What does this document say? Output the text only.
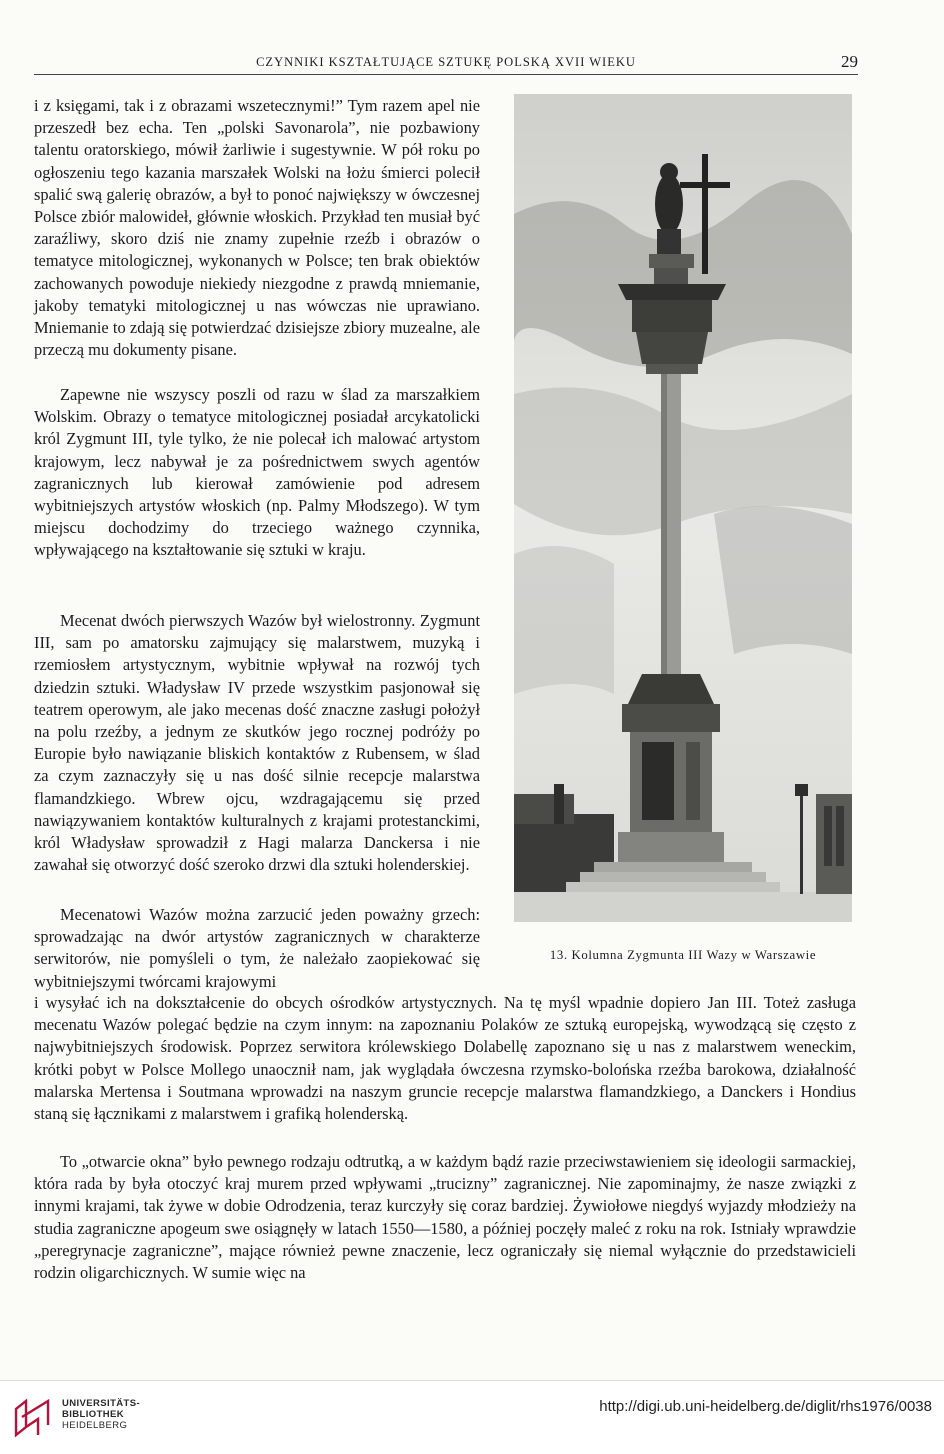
CZYNNIKI KSZTAŁTUJĄCE SZTUKĘ POLSKĄ XVII WIEKU	29

i z księgami, tak i z obrazami wszetecznymi!” Tym razem apel nie przeszedł bez echa. Ten „polski Savonarola”, nie pozbawiony talentu oratorskiego, mówił żarliwie i sugestywnie. W pół roku po ogłoszeniu tego kazania marszałek Wolski na łożu śmierci polecił spalić swą galerię obrazów, a był to ponoć największy w ówczesnej Polsce zbiór malowideł, głównie włoskich. Przykład ten musiał być zaraźliwy, skoro dziś nie znamy zupełnie rzeźb i obrazów o tematyce mitologicznej, wykonanych w Polsce; ten brak obiektów zachowanych powoduje niekiedy niezgodne z prawdą mniemanie, jakoby tematyki mitologicznej u nas wówczas nie uprawiano. Mniemanie to zdają się potwierdzać dzisiejsze zbiory muzealne, ale przeczą mu dokumenty pisane.

Zapewne nie wszyscy poszli od razu w ślad za marszałkiem Wolskim. Obrazy o tematyce mitologicznej posiadał arcykatolicki król Zygmunt III, tyle tylko, że nie polecał ich malować artystom krajowym, lecz nabywał je za pośrednictwem swych agentów zagranicznych lub kierował zamówienie pod adresem wybitniejszych artystów włoskich (np. Palmy Młodszego). W tym miejscu dochodzimy do trzeciego ważnego czynnika, wpływającego na kształtowanie się sztuki w kraju.

Mecenat dwóch pierwszych Wazów był wielostronny. Zygmunt III, sam po amatorsku zajmujący się malarstwem, muzyką i rzemiosłem artystycznym, wybitnie wpływał na rozwój tych dziedzin sztuki. Władysław IV przede wszystkim pasjonował się teatrem operowym, ale jako mecenas dość znaczne zasługi położył na polu rzeźby, a jednym ze skutków jego rocznej podróży po Europie było nawiązanie bliskich kontaktów z Rubensem, w ślad za czym zaznaczyły się u nas dość silnie recepcje malarstwa flamandzkiego. Wbrew ojcu, wzdragającemu się przed nawiązywaniem kontaktów kulturalnych z krajami protestanckimi, król Władysław sprowadził z Hagi malarza Danckersa i nie zawahał się otworzyć dość szeroko drzwi dla sztuki holenderskiej.

Mecenatowi Wazów można zarzucić jeden poważny grzech: sprowadzając na dwór artystów zagranicznych w charakterze serwitorów, nie pomyśleli o tym, że należało zaopiekować się wybitniejszymi twórcami krajowymi

i wysyłać ich na dokształcenie do obcych ośrodków artystycznych. Na tę myśl wpadnie dopiero Jan III. Toteż zasługa mecenatu Wazów polegać będzie na czym innym: na zapoznaniu Polaków ze sztuką europejską, wywodzącą się często z najwybitniejszych środowisk. Poprzez serwitora królewskiego Dolabellę zapoznano się u nas z malarstwem weneckim, krótki pobyt w Polsce Mollego unaocznił nam, jak wyglądała ówczesna rzymsko-bolońska rzeźba barokowa, działalność malarska Mertensa i Soutmana wprowadzi na naszym gruncie recepcje malarstwa flamandzkiego, a Danckers i Hondius staną się łącznikami z malarstwem i grafiką holenderską.

To „otwarcie okna” było pewnego rodzaju odtrutką, a w każdym bądź razie przeciwstawieniem się ideologii sarmackiej, która rada by była otoczyć kraj murem przed wpływami „trucizny” zagranicznej. Nie zapominajmy, że nasze związki z innymi krajami, tak żywe w dobie Odrodzenia, teraz kurczyły się coraz bardziej. Żywiołowe niegdyś wyjazdy młodzieży na studia zagraniczne apogeum swe osiągnęły w latach 1550—1580, a później poczęły maleć z roku na rok. Istniały wprawdzie „peregrynacje zagraniczne”, mające również pewne znaczenie, lecz ograniczały się niemal wyłącznie do przedstawicieli rodzin oligarchicznych. W sumie więc na

13. Kolumna Zygmunta III Wazy w Warszawie
UNIVERSITÄTS-
BIBLIOTHEK
HEIDELBERG
http://digi.ub.uni-heidelberg.de/diglit/rhs1976/0038
